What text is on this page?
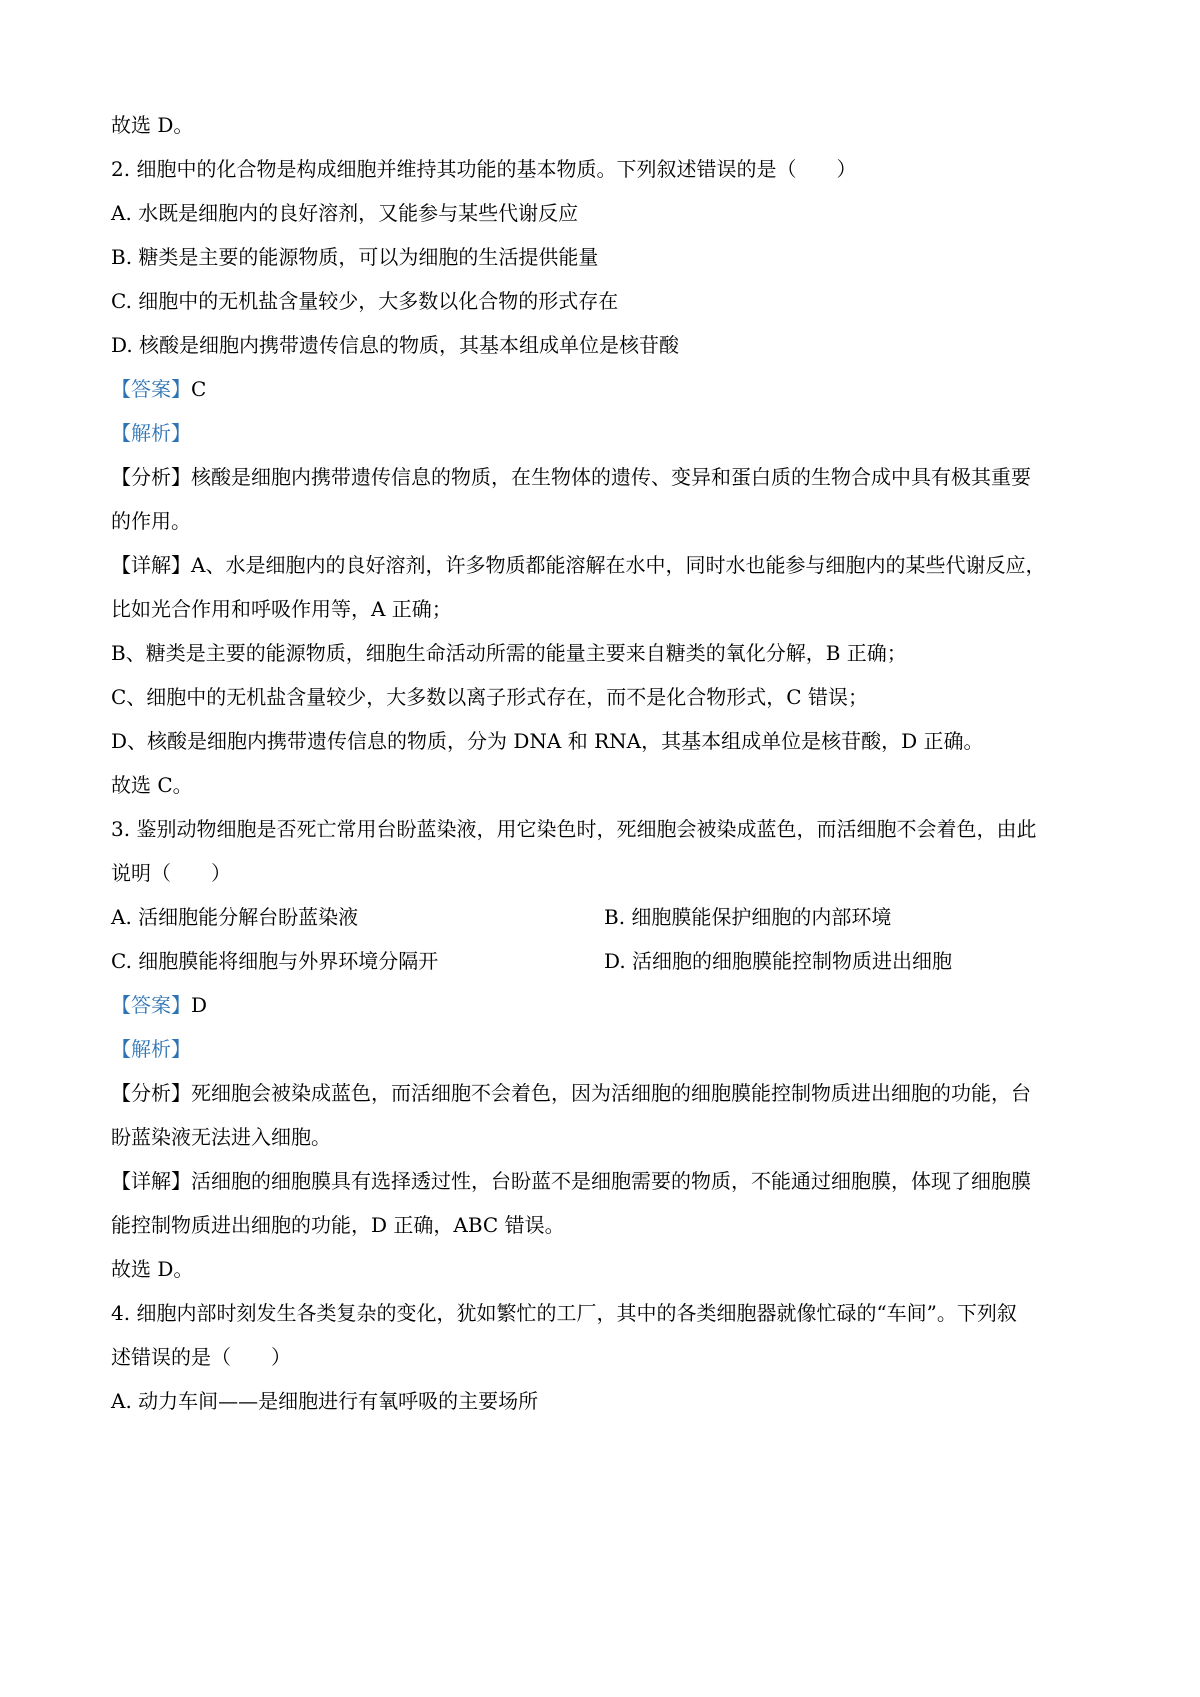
故选 D。
2. 细胞中的化合物是构成细胞并维持其功能的基本物质。下列叙述错误的是（　　）
A. 水既是细胞内的良好溶剂，又能参与某些代谢反应
B. 糖类是主要的能源物质，可以为细胞的生活提供能量
C. 细胞中的无机盐含量较少，大多数以化合物的形式存在
D. 核酸是细胞内携带遗传信息的物质，其基本组成单位是核苷酸
【答案】C
【解析】
【分析】核酸是细胞内携带遗传信息的物质，在生物体的遗传、变异和蛋白质的生物合成中具有极其重要
的作用。
【详解】A、水是细胞内的良好溶剂，许多物质都能溶解在水中，同时水也能参与细胞内的某些代谢反应，
比如光合作用和呼吸作用等，A 正确；
B、糖类是主要的能源物质，细胞生命活动所需的能量主要来自糖类的氧化分解，B 正确；
C、细胞中的无机盐含量较少，大多数以离子形式存在，而不是化合物形式，C 错误；
D、核酸是细胞内携带遗传信息的物质，分为 DNA 和 RNA，其基本组成单位是核苷酸，D 正确。
故选 C。
3. 鉴别动物细胞是否死亡常用台盼蓝染液，用它染色时，死细胞会被染成蓝色，而活细胞不会着色，由此
说明（　　）
A. 活细胞能分解台盼蓝染液	B. 细胞膜能保护细胞的内部环境
C. 细胞膜能将细胞与外界环境分隔开	D. 活细胞的细胞膜能控制物质进出细胞
【答案】D
【解析】
【分析】死细胞会被染成蓝色，而活细胞不会着色，因为活细胞的细胞膜能控制物质进出细胞的功能，台
盼蓝染液无法进入细胞。
【详解】活细胞的细胞膜具有选择透过性，台盼蓝不是细胞需要的物质，不能通过细胞膜，体现了细胞膜
能控制物质进出细胞的功能，D 正确，ABC 错误。
故选 D。
4. 细胞内部时刻发生各类复杂的变化，犹如繁忙的工厂，其中的各类细胞器就像忙碌的“车间”。下列叙
述错误的是（　　）
A. 动力车间——是细胞进行有氧呼吸的主要场所
